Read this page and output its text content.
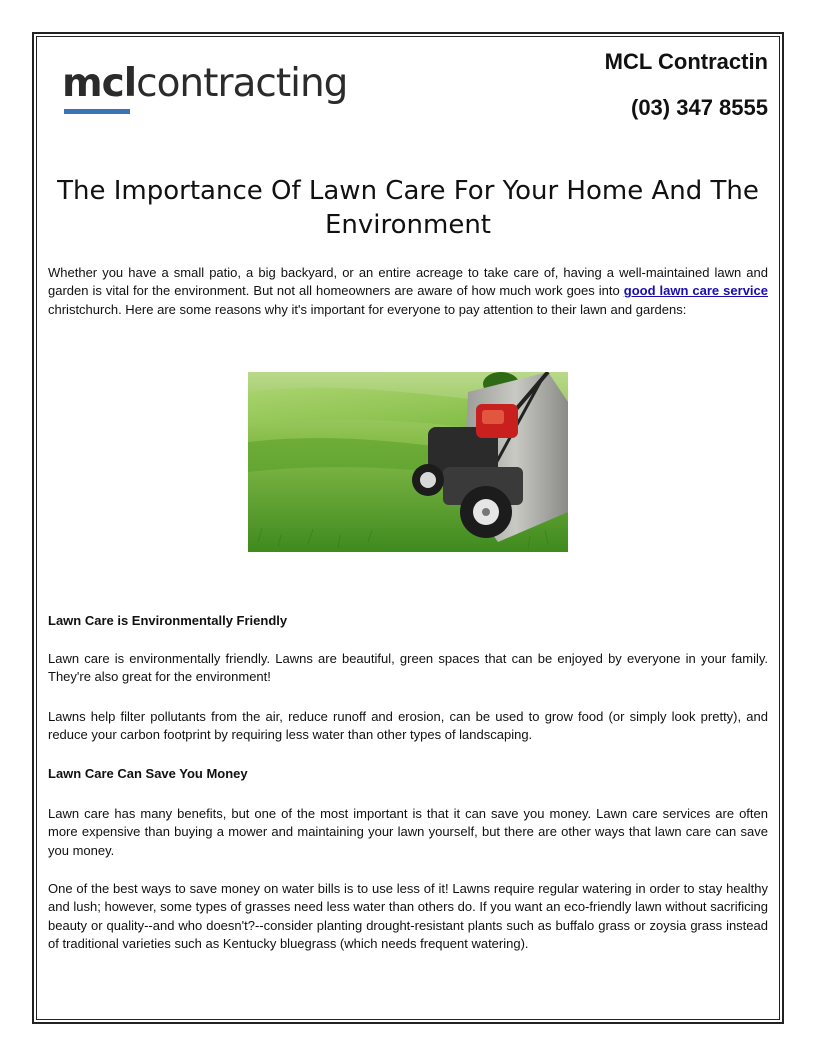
mclcontracting	MCL Contractin
(03) 347 8555
The Importance Of Lawn Care For Your Home And The Environment

Whether you have a small patio, a big backyard, or an entire acreage to take care of, having a well-maintained lawn and garden is vital for the environment. But not all homeowners are aware of how much work goes into good lawn care service christchurch. Here are some reasons why it's important for everyone to pay attention to their lawn and gardens:

Lawn Care is Environmentally Friendly

Lawn care is environmentally friendly. Lawns are beautiful, green spaces that can be enjoyed by everyone in your family. They're also great for the environment!

Lawns help filter pollutants from the air, reduce runoff and erosion, can be used to grow food (or simply look pretty), and reduce your carbon footprint by requiring less water than other types of landscaping.

Lawn Care Can Save You Money

Lawn care has many benefits, but one of the most important is that it can save you money. Lawn care services are often more expensive than buying a mower and maintaining your lawn yourself, but there are other ways that lawn care can save you money.

One of the best ways to save money on water bills is to use less of it! Lawns require regular watering in order to stay healthy and lush; however, some types of grasses need less water than others do. If you want an eco-friendly lawn without sacrificing beauty or quality--and who doesn't?--consider planting drought-resistant plants such as buffalo grass or zoysia grass instead of traditional varieties such as Kentucky bluegrass (which needs frequent watering).
